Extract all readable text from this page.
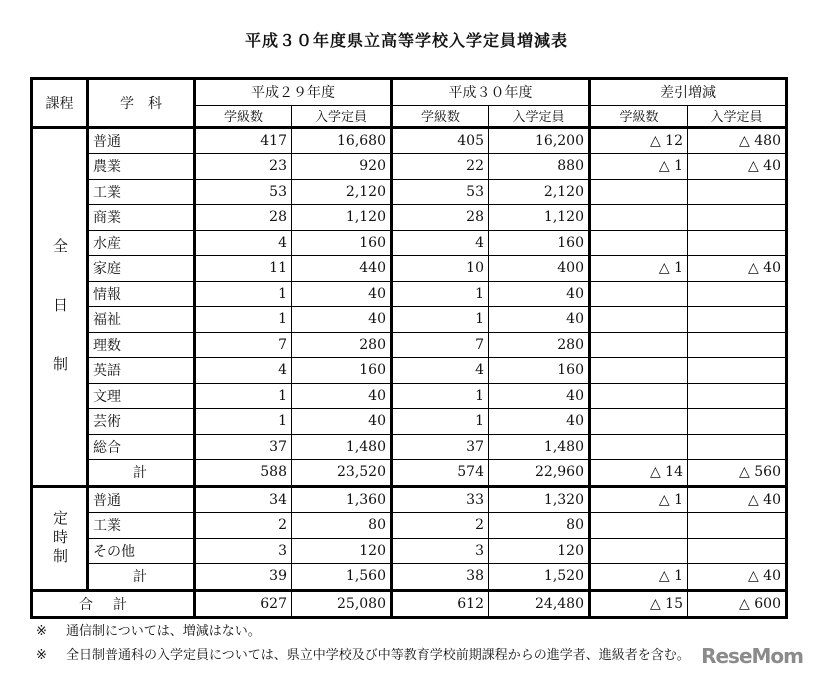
平成３０年度県立高等学校入学定員増減表
課程	学　科	平成２９年度		平成３０年度		差引増減	
		学級数	入学定員	学級数	入学定員	学級数	入学定員
全日制	普通	417	16,680	405	16,200	△ 12	△ 480
	農業	23	920	22	880	△ 1	△ 40
	工業	53	2,120	53	2,120		
	商業	28	1,120	28	1,120		
	水産	4	160	4	160		
	家庭	11	440	10	400	△ 1	△ 40
	情報	1	40	1	40		
	福祉	1	40	1	40		
	理数	7	280	7	280		
	英語	4	160	4	160		
	文理	1	40	1	40		
	芸術	1	40	1	40		
	総合	37	1,480	37	1,480		
	計	588	23,520	574	22,960	△ 14	△ 560
定時制	普通	34	1,360	33	1,320	△ 1	△ 40
	工業	2	80	2	80		
	その他	3	120	3	120		
	計	39	1,560	38	1,520	△ 1	△ 40
合計		627	25,080	612	24,480	△ 15	△ 600
※ 通信制については、増減はない。
※ 全日制普通科の入学定員については、県立中学校及び中等教育学校前期課程からの進学者、進級者を含む。 ReseMom
